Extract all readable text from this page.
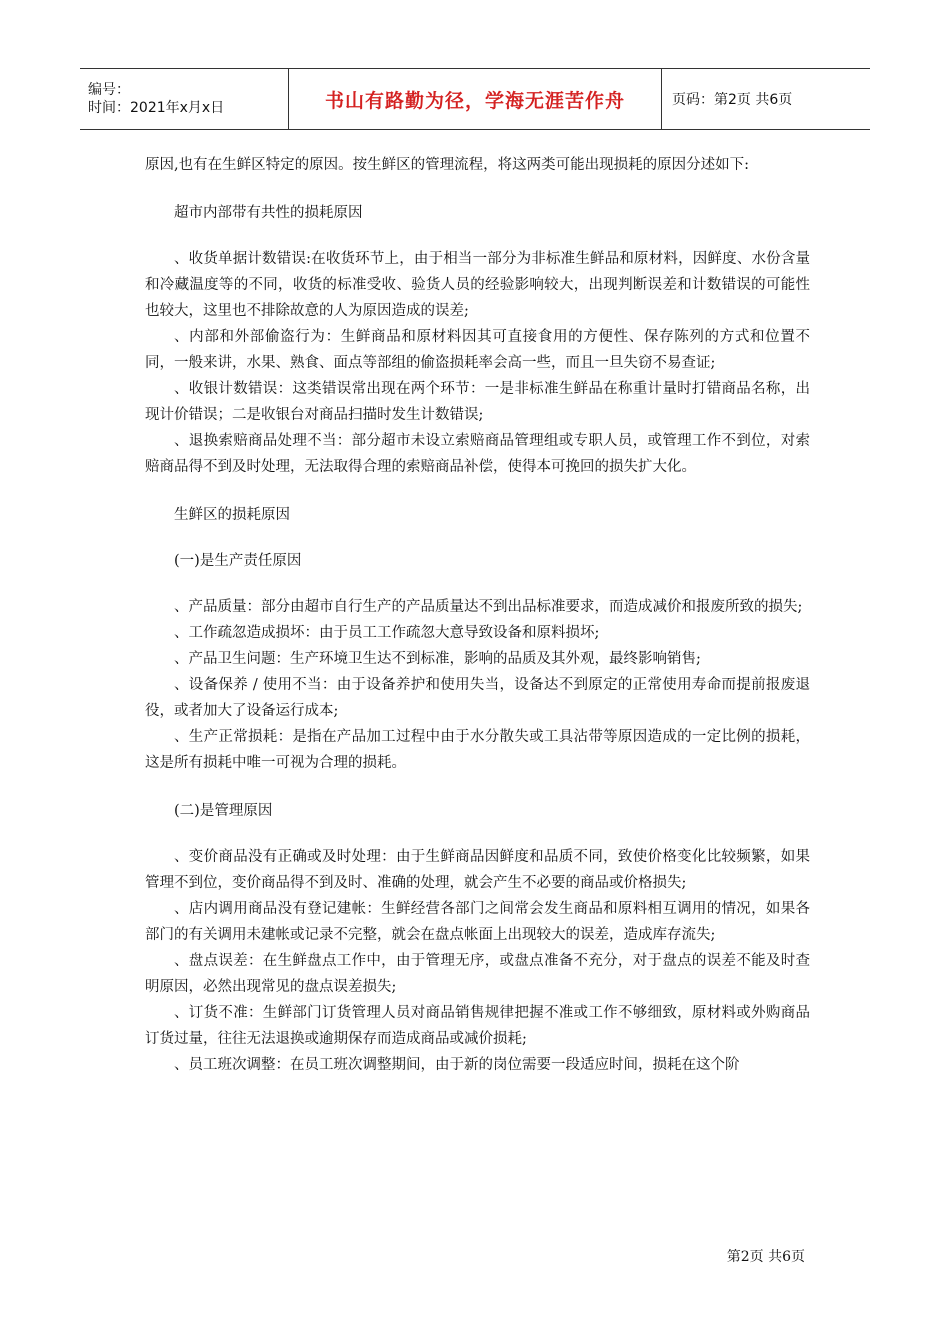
编号：
时间：2021年x月x日	书山有路勤为径，学海无涯苦作舟	页码：第2页 共6页

原因,也有在生鲜区特定的原因。按生鲜区的管理流程，将这两类可能出现损耗的原因分述如下:

超市内部带有共性的损耗原因

、收货单据计数错误:在收货环节上，由于相当一部分为非标准生鲜品和原材料，因鲜度、水份含量和冷藏温度等的不同，收货的标准受收、验货人员的经验影响较大，出现判断误差和计数错误的可能性也较大，这里也不排除故意的人为原因造成的误差;

、内部和外部偷盗行为：生鲜商品和原材料因其可直接食用的方便性、保存陈列的方式和位置不同，一般来讲，水果、熟食、面点等部组的偷盗损耗率会高一些，而且一旦失窃不易查证;

、收银计数错误：这类错误常出现在两个环节：一是非标准生鲜品在称重计量时打错商品名称，出现计价错误；二是收银台对商品扫描时发生计数错误;

、退换索赔商品处理不当：部分超市未设立索赔商品管理组或专职人员，或管理工作不到位，对索赔商品得不到及时处理，无法取得合理的索赔商品补偿，使得本可挽回的损失扩大化。

生鲜区的损耗原因

(一)是生产责任原因

、产品质量：部分由超市自行生产的产品质量达不到出品标准要求，而造成减价和报废所致的损失;

、工作疏忽造成损坏：由于员工工作疏忽大意导致设备和原料损坏;

、产品卫生问题：生产环境卫生达不到标准，影响的品质及其外观，最终影响销售;

、设备保养 / 使用不当：由于设备养护和使用失当，设备达不到原定的正常使用寿命而提前报废退役，或者加大了设备运行成本;

、生产正常损耗：是指在产品加工过程中由于水分散失或工具沾带等原因造成的一定比例的损耗，这是所有损耗中唯一可视为合理的损耗。

(二)是管理原因

、变价商品没有正确或及时处理：由于生鲜商品因鲜度和品质不同，致使价格变化比较频繁，如果管理不到位，变价商品得不到及时、准确的处理，就会产生不必要的商品或价格损失;

、店内调用商品没有登记建帐：生鲜经营各部门之间常会发生商品和原料相互调用的情况，如果各部门的有关调用未建帐或记录不完整，就会在盘点帐面上出现较大的误差，造成库存流失;

、盘点误差：在生鲜盘点工作中，由于管理无序，或盘点准备不充分，对于盘点的误差不能及时查明原因，必然出现常见的盘点误差损失;

、订货不准：生鲜部门订货管理人员对商品销售规律把握不准或工作不够细致，原材料或外购商品订货过量，往往无法退换或逾期保存而造成商品或减价损耗;

、员工班次调整：在员工班次调整期间，由于新的岗位需要一段适应时间，损耗在这个阶

第2页 共6页
